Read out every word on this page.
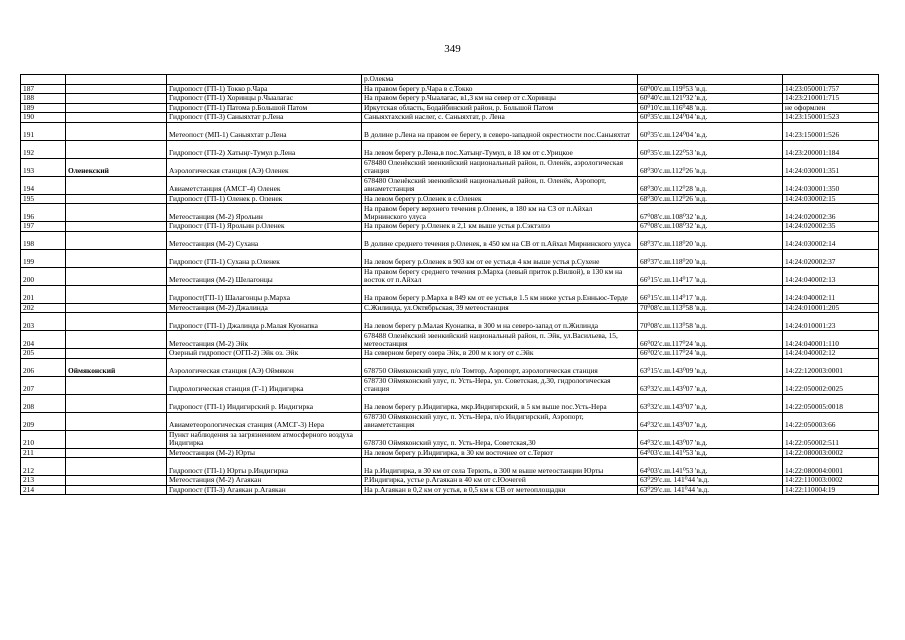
349
			р.Олекма		
187		Гидропост (ГП-1) Токко р.Чара	На правом берегу р.Чара в с.Токко	60⁰00'с.ш.119⁰53 'в.д.	14:23:050001:757
188		Гидропост (ГП-1) Хоринцы р.Чыалагас	На правом берегу р.Чыалагас, в1,3 км на север от с.Хоринцы	60⁰40'с.ш.121⁰32 'в.д.	14:23:210001:715
189		Гидропост (ГП-1) Патома р.Большой Патом	Иркутская область, Бодайбинский район, р. Большой Патом	60⁰10'с.ш.116⁰48 'в.д.	не оформлен
190		Гидропост (ГП-3) Саныяхтат р.Лена	Саныяхтахский наслег, с. Саныяхтат, р. Лена	60⁰35'с.ш.124⁰04 'в.д.	14:23:150001:523
191		Метеопост (МП-1) Саныяхтат р.Лена	В долине р.Лена на правом ее берегу, в северо-западной окрестности пос.Саныяхтат	60⁰35'с.ш.124⁰04 'в.д.	14:23:150001:526
192		Гидропост (ГП-2) Хатыңг-Тумул р.Лена	На левом берегу р.Лена,в пос.Хатыңг-Тумул, в 18 км от с.Урицкое	60⁰35'с.ш.122⁰53 'в.д.	14:23:200001:184
193	Оленекский	Аэрологическая станция (АЭ) Оленек	678480 Оленёкский эвенкийский национальный район, п. Оленёк, аэрологическая станция	68⁰30'с.ш.112⁰26 'в.д.	14:24:030001:351
194		Авиаметстанция (АМСГ-4) Оленек	678480 Оленёкский эвенкийский национальный район, п. Оленёк, Аэропорт, авиаметстанция	68⁰30'с.ш.112⁰28 'в.д.	14:24:030001:350
195		Гидропост (ГП-1) Оленек р. Оленек	На левом берегу р.Оленек в с.Оленек	68⁰30'с.ш.112⁰26 'в.д.	14:24:030002:15
196		Метеостанция (М-2) Ярольин	На правом берегу верхнего течения р.Оленек, в 180 км на СЗ от п.Айхал Мирнинского улуса	67⁰08'с.ш.108⁰32 'в.д.	14:24:020002:36
197		Гидропост (ГП-1) Ярольин р.Оленек	На правом берегу р.Оленек в 2,1 км выше устья р.Сэктэлээ	67⁰08'с.ш.108⁰32 'в.д.	14:24:020002:35
198		Метеостанция (М-2) Сухана	В долине среднего течения р.Оленек, в 450 км на СВ от п.Айхал Мирнинского улуса	68⁰37'с.ш.118⁰20 'в.д.	14:24:030002:14
199		Гидропост (ГП-1) Сухана р.Оленек	На левом берегу р.Оленек в 903 км от ее устья,в 4 км выше устья р.Сухене	68⁰37'с.ш.118⁰20 'в.д.	14:24:020002:37
200		Метеостанция (М-2) Шелагонцы	На правом берегу среднего течения р.Мархa (левый приток р.Вилюй), в 130 км на восток от п.Айхал	66⁰15'с.ш.114⁰17 'в.д.	14:24:040002:13
201		Гидропост(ГП-1) Шалагонцы р.Мархa	На правом берегу р.Мархa в 849 км от ее устья,в 1.5 км ниже устья р.Енньюс-Терде	66⁰15'с.ш.114⁰17 'в.д.	14:24:040002:11
202		Метеостанция (М-2) Джалинда	С.Жилинда, ул.Октябрьская, 39 метеостанция	70⁰08'с.ш.113⁰58 'в.д.	14:24:010001:205
203		Гидропост (ГП-1) Джалинда р.Малая Куонапка	На левом берегу р.Малая Куонапка, в 300 м на северо-запад от п.Жилинда	70⁰08'с.ш.113⁰58 'в.д.	14:24:010001:23
204		Метеостанция (М-2) Эйк	678488 Оленёкский эвенкийский национальный район, п. Эйк, ул.Васильева, 15, метеостанция	66⁰02'с.ш.117⁰24 'в.д.	14:24:040001:110
205		Озерный гидропост (ОГП-2) Эйк оз. Эйк	На северном берегу озера Эйк, в 200 м к югу от с.Эйк	66⁰02'с.ш.117⁰24 'в.д.	14:24:040002:12
206	Оймяконский	Аэрологическая станция (АЭ) Оймякон	678750 Оймяконский улус, п/о Томтор, Аэропорт, аэрологическая станция	63⁰15'с.ш.143⁰09 'в.д.	14:22:120003:0001
207		Гидрологическая станция (Г-1) Индигирка	678730 Оймяконский улус, п. Усть-Нера, ул. Советская, д.30, гидрологическая станция	63⁰32'с.ш.143⁰07 'в.д.	14:22:050002:0025
208		Гидропост (ГП-1) Индигирский р. Индигирка	На левом берегу р.Индигирка, мкр.Индигирский, в 5 км выше пос.Усть-Нера	63⁰32'с.ш.143⁰07 'в.д.	14:22:050005:0018
209		Авиаметеорологическая станция (АМСГ-3) Нера	678730 Оймяконский улус, п. Усть-Нера, п/о Индигирский, Аэропорт, авиаметстанция	64⁰32'с.ш.143⁰07 'в.д.	14:22:050003:66
210		Пункт наблюдения за загрязнением атмосферного воздуха Индигирка	678730 Оймяконский улус, п. Усть-Нера, Советская,30	64⁰32'с.ш.143⁰07 'в.д.	14:22:050002:511
211		Метеостанция (М-2) Юрты	На левом берегу р.Индигирка, в 30 км восточнее от с.Терют	64⁰03'с.ш.141⁰53 'в.д.	14:22:080003:0002
212		Гидропост (ГП-1) Юрты р.Индигирка	На р.Индигирка, в 30 км от села Терють, в 300 м выше метеостанции Юрты	64⁰03'с.ш.141⁰53 'в.д.	14:22:080004:0001
213		Метеостанция (М-2) Агаякан	Р.Индигирка, устье р.Агаякан в 40 км от с.Юочегей	63⁰29'с.ш. 141⁰44 'в.д.	14:22:110003:0002
214		Гидропост (ГП-3) Агаякан р.Агаякан	На р.Агаякан в 0,2 км от устья, в 0,5 км к СВ от метеоплощадки	63⁰29'с.ш. 141⁰44 'в.д.	14:22:110004:19
